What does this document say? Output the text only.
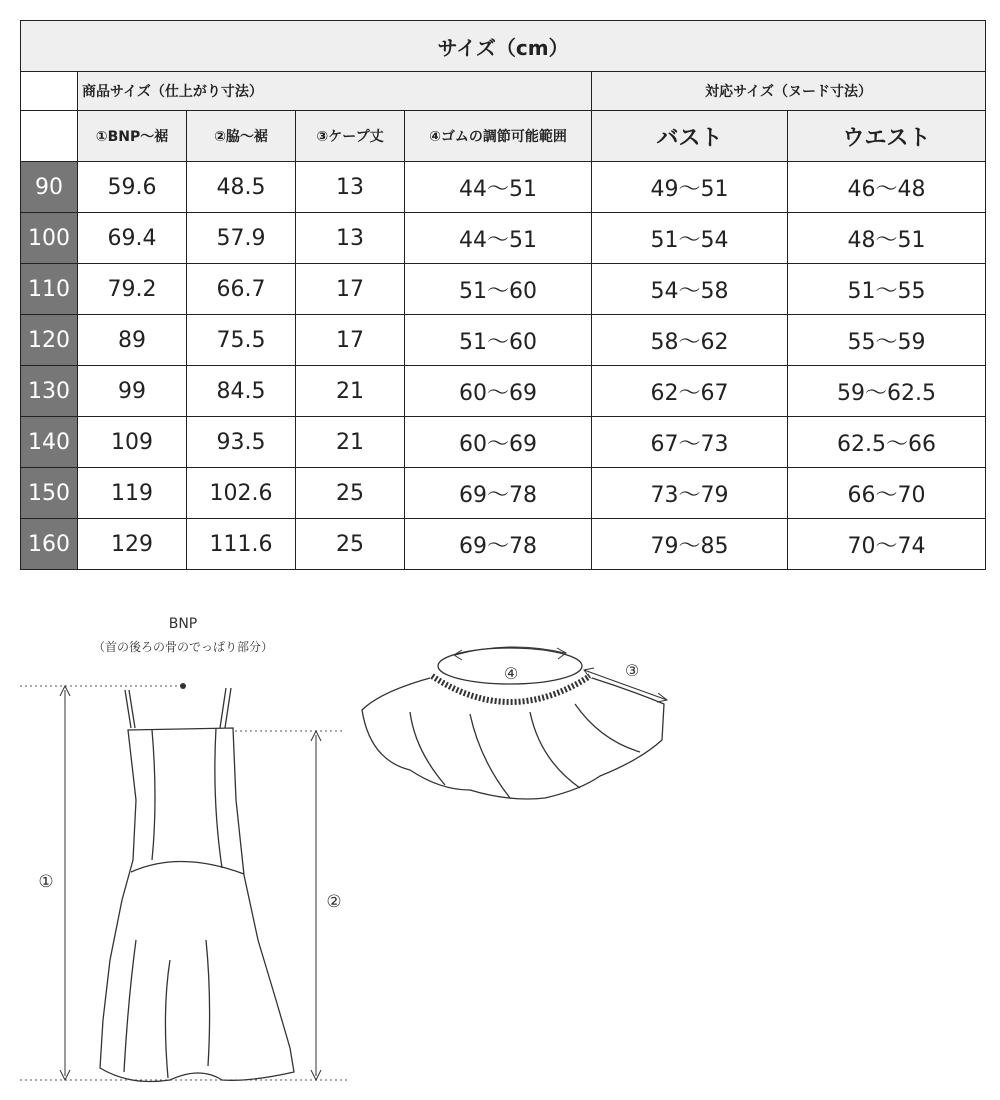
サイズ（cm）						
	商品サイズ（仕上がり寸法）				対応サイズ（ヌード寸法）	
	①BNP～裾	②脇～裾	③ケープ丈	④ゴムの調節可能範囲	バスト	ウエスト
90	59.6	48.5	13	44～51	49～51	46～48
100	69.4	57.9	13	44～51	51～54	48～51
110	79.2	66.7	17	51～60	54～58	51～55
120	89	75.5	17	51～60	58～62	55～59
130	99	84.5	21	60～69	62～67	59～62.5
140	109	93.5	21	60～69	67～73	62.5～66
150	119	102.6	25	69～78	73～79	66～70
160	129	111.6	25	69～78	79～85	70～74
BNP
（首の後ろの骨のでっぱり部分）
①
②
④	③
